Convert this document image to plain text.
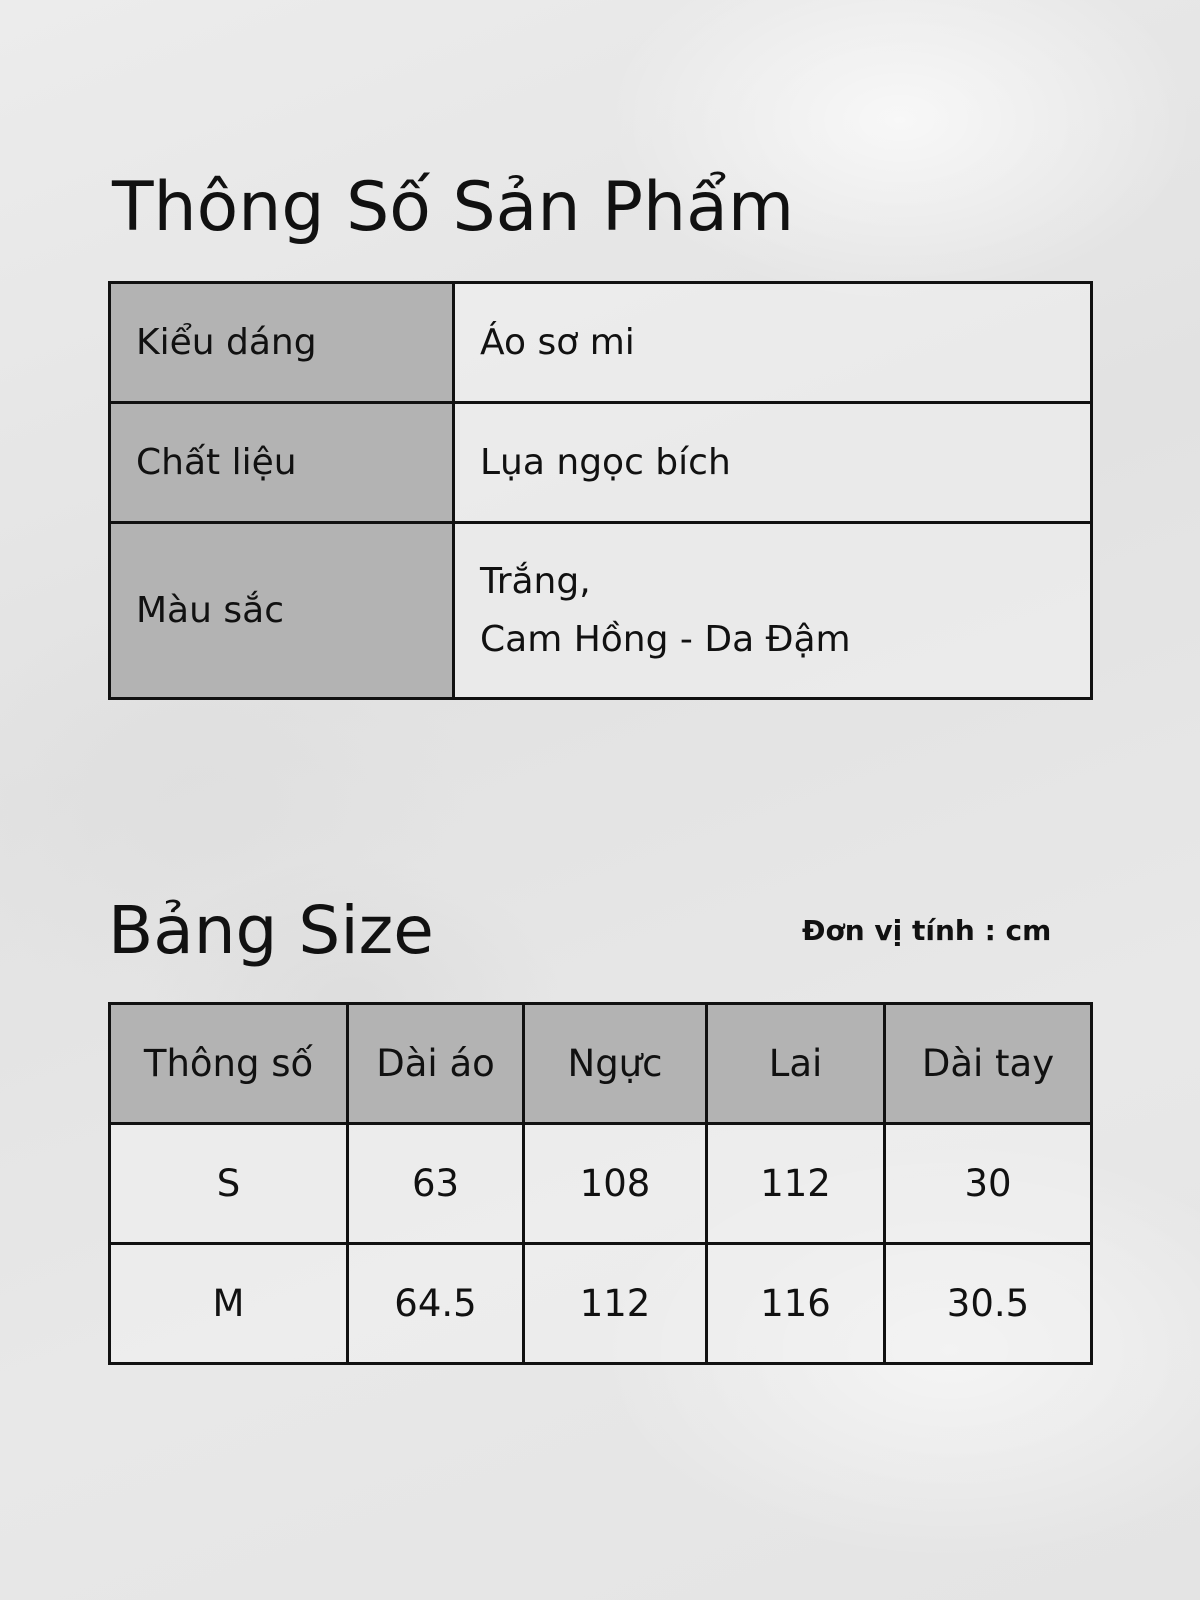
Thông Số Sản Phẩm
Kiểu dáng	Áo sơ mi

Chất liệu	Lụa ngọc bích

Màu sắc	Trắng,
Cam Hồng - Da Đậm
Bảng Size	Đơn vị tính : cm
Thông số	Dài áo	Ngực	Lai	Dài tay
S	63	108	112	30
M	64.5	112	116	30.5
